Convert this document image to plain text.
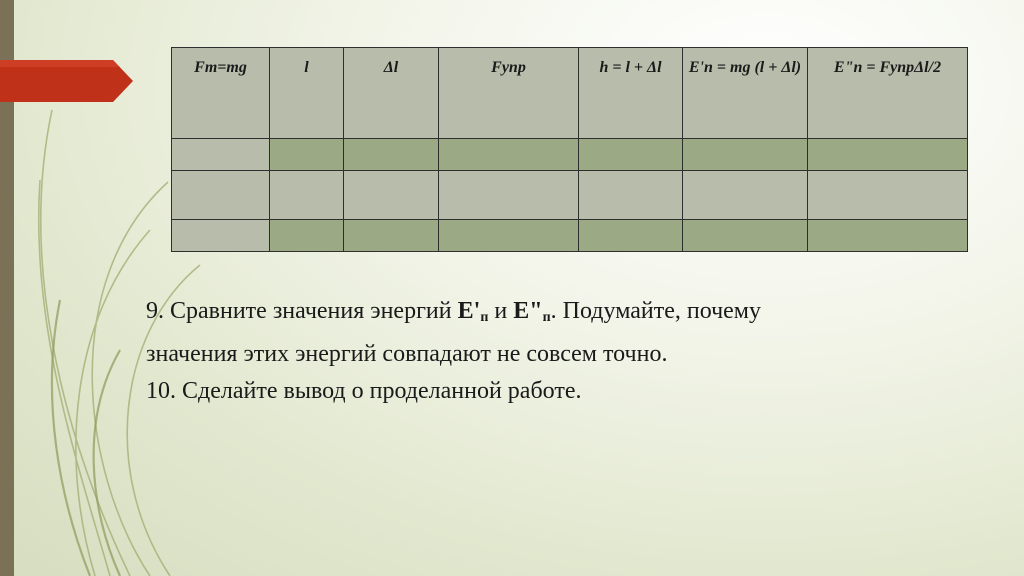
Fт=mg	l	Δl	Fупр	h = l + Δl	E'п = mg (l + Δl)	E"п = FупрΔl/2

9. Сравните значения энергий $E'_п$ и $E"_п$. Подумайте, почему

значения этих энергий совпадают не совсем точно.

10. Сделайте вывод о проделанной работе.
